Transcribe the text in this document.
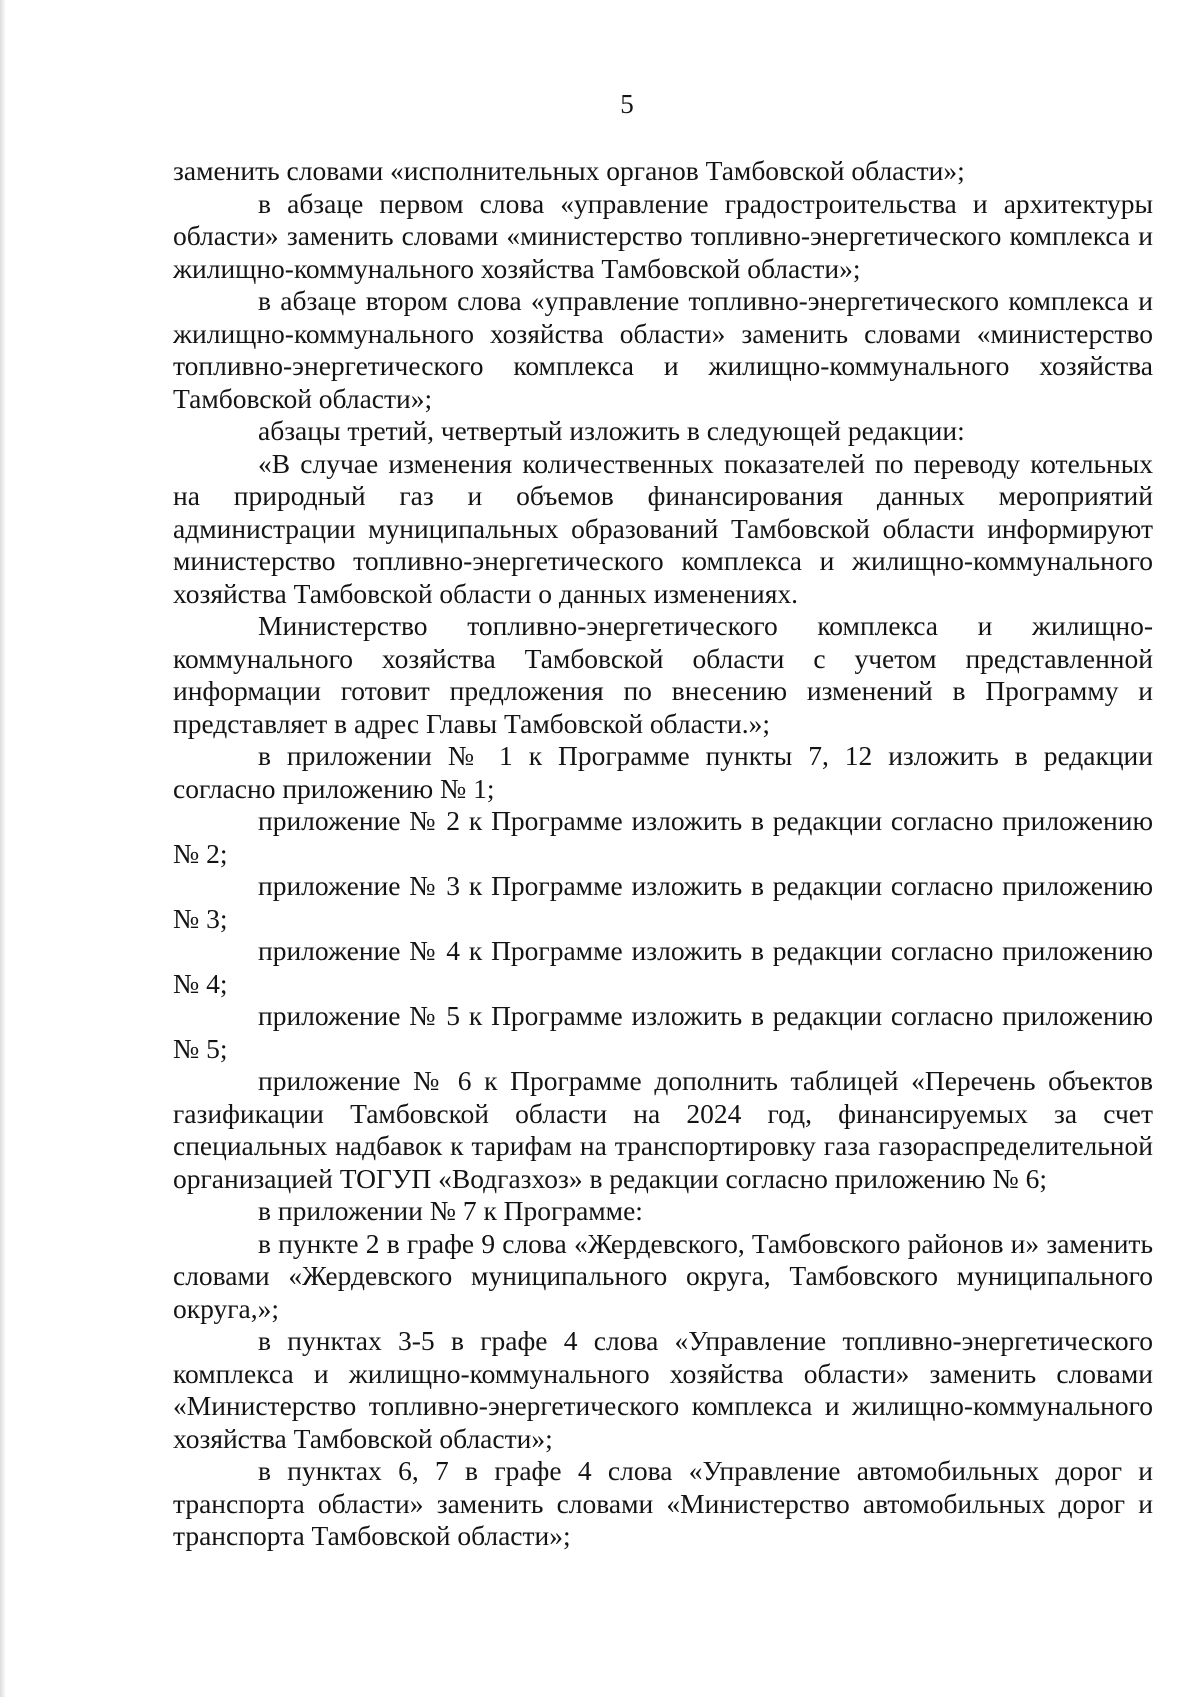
5

заменить словами «исполнительных органов Тамбовской области»;

в абзаце первом слова «управление градостроительства и архитектуры области» заменить словами «министерство топливно-энергетического комплекса и жилищно-коммунального хозяйства Тамбовской области»;

в абзаце втором слова «управление топливно-энергетического комплекса и жилищно-коммунального хозяйства области» заменить словами «министерство топливно-энергетического комплекса и жилищно-коммунального хозяйства Тамбовской области»;

абзацы третий, четвертый изложить в следующей редакции:

«В случае изменения количественных показателей по переводу котельных на природный газ и объемов финансирования данных мероприятий администрации муниципальных образований Тамбовской области информируют министерство топливно-энергетического комплекса и жилищно-коммунального хозяйства Тамбовской области о данных изменениях.

Министерство топливно-энергетического комплекса и жилищно-коммунального хозяйства Тамбовской области с учетом представленной информации готовит предложения по внесению изменений в Программу и представляет в адрес Главы Тамбовской области.»;

в приложении № 1 к Программе пункты 7, 12 изложить в редакции согласно приложению № 1;

приложение № 2 к Программе изложить в редакции согласно приложению № 2;

приложение № 3 к Программе изложить в редакции согласно приложению № 3;

приложение № 4 к Программе изложить в редакции согласно приложению № 4;

приложение № 5 к Программе изложить в редакции согласно приложению № 5;

приложение № 6 к Программе дополнить таблицей «Перечень объектов газификации Тамбовской области на 2024 год, финансируемых за счет специальных надбавок к тарифам на транспортировку газа газораспределительной организацией ТОГУП «Водгазхоз» в редакции согласно приложению № 6;

в приложении № 7 к Программе:

в пункте 2 в графе 9 слова «Жердевского, Тамбовского районов и» заменить словами «Жердевского муниципального округа, Тамбовского муниципального округа,»;

в пунктах 3-5 в графе 4 слова «Управление топливно-энергетического комплекса и жилищно-коммунального хозяйства области» заменить словами «Министерство топливно-энергетического комплекса и жилищно-коммунального хозяйства Тамбовской области»;

в пунктах 6, 7 в графе 4 слова «Управление автомобильных дорог и транспорта области» заменить словами «Министерство автомобильных дорог и транспорта Тамбовской области»;
